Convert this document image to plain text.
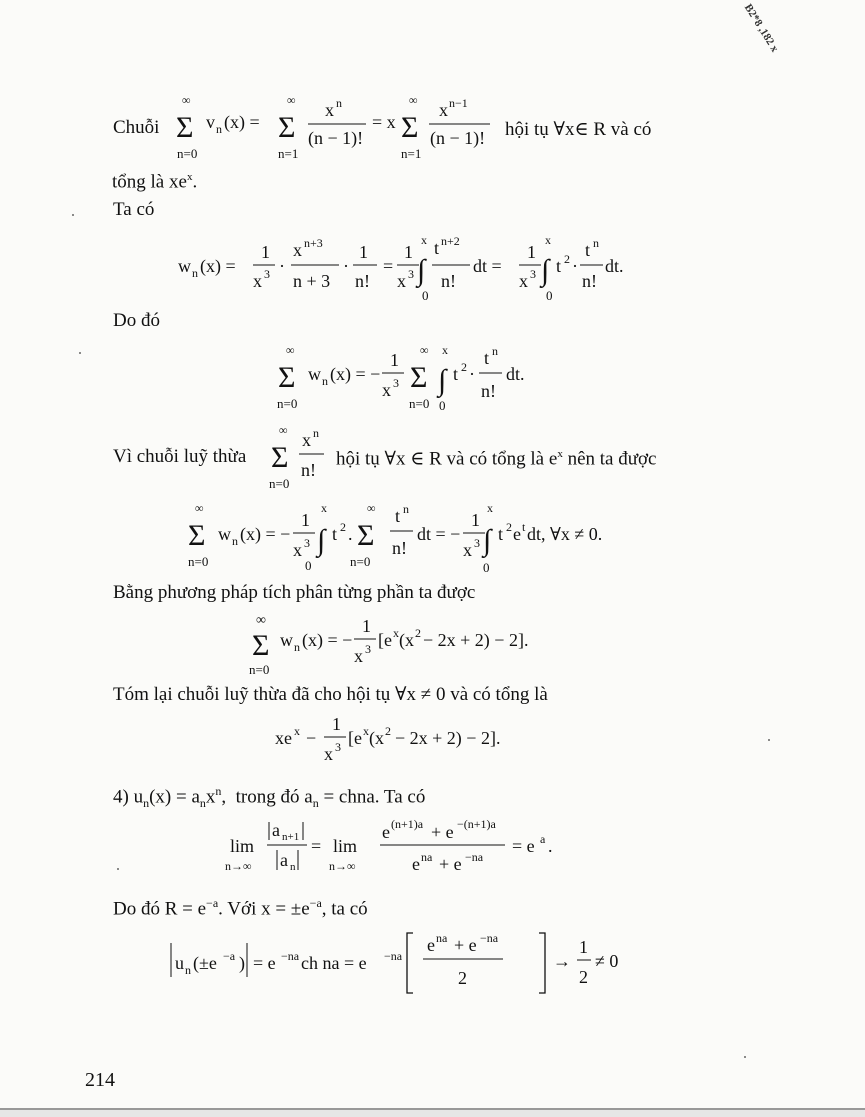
B2*8 ,182 x
Chuỗi
∞
Σ
n=0
v n (x) =
∞
Σ
n=1
x n
(n − 1)!
= x
∞
Σ
n=1
x n−1
(n − 1)! hội tụ ∀x∈ R và có
tổng là $xe^x$.
Ta có
w n (x) =
1
x 3 ·
x n+3
n + 3
·
1
n!
=
1
x 3
x
∫
0
t n+2
n!
dt =
1
x 3
x
∫
0
t 2 ·
t n
n!
dt.
Do đó
∞
Σ
n=0
w n (x) = −
1
x 3
∞
Σ
n=0
x
∫
0
t 2 ·
t n
n!
dt.
Vì chuỗi luỹ thừa
∞
Σ
n=0
x n
n!
hội tụ ∀x ∈ R và có tổng là $e^x$ nên ta được
∞
Σ
n=0
w n (x) = −
1
x 3
x
∫
0
t 2 .
∞
Σ
n=0
t n
n!
dt = −
1
x 3
x
∫
0
t 2 e t dt, ∀x ≠ 0.
Bằng phương pháp tích phân từng phần ta được
∞
Σ
n=0
w n (x) = −
1
x 3 [e x (x 2 − 2x + 2) − 2].
Tóm lại chuỗi luỹ thừa đã cho hội tụ ∀x ≠ 0 và có tổng là
xe x −
1
x 3 [e x (x 2 − 2x + 2) − 2].
4) $u_n(x) = a_nx^n$,  trong đó $a_n$ = chna. Ta có
lim
n→∞
a n+1
a n
= lim
n→∞
e (n+1)a + e −(n+1)a
e na + e −na
= e a .
Do đó $R = e^{-a}$. Với $x = \pm e^{-a}$, ta có
u n (±e −a ) = e −na ch na = e −na
e na + e −na
2
→
1
2
≠ 0
214
